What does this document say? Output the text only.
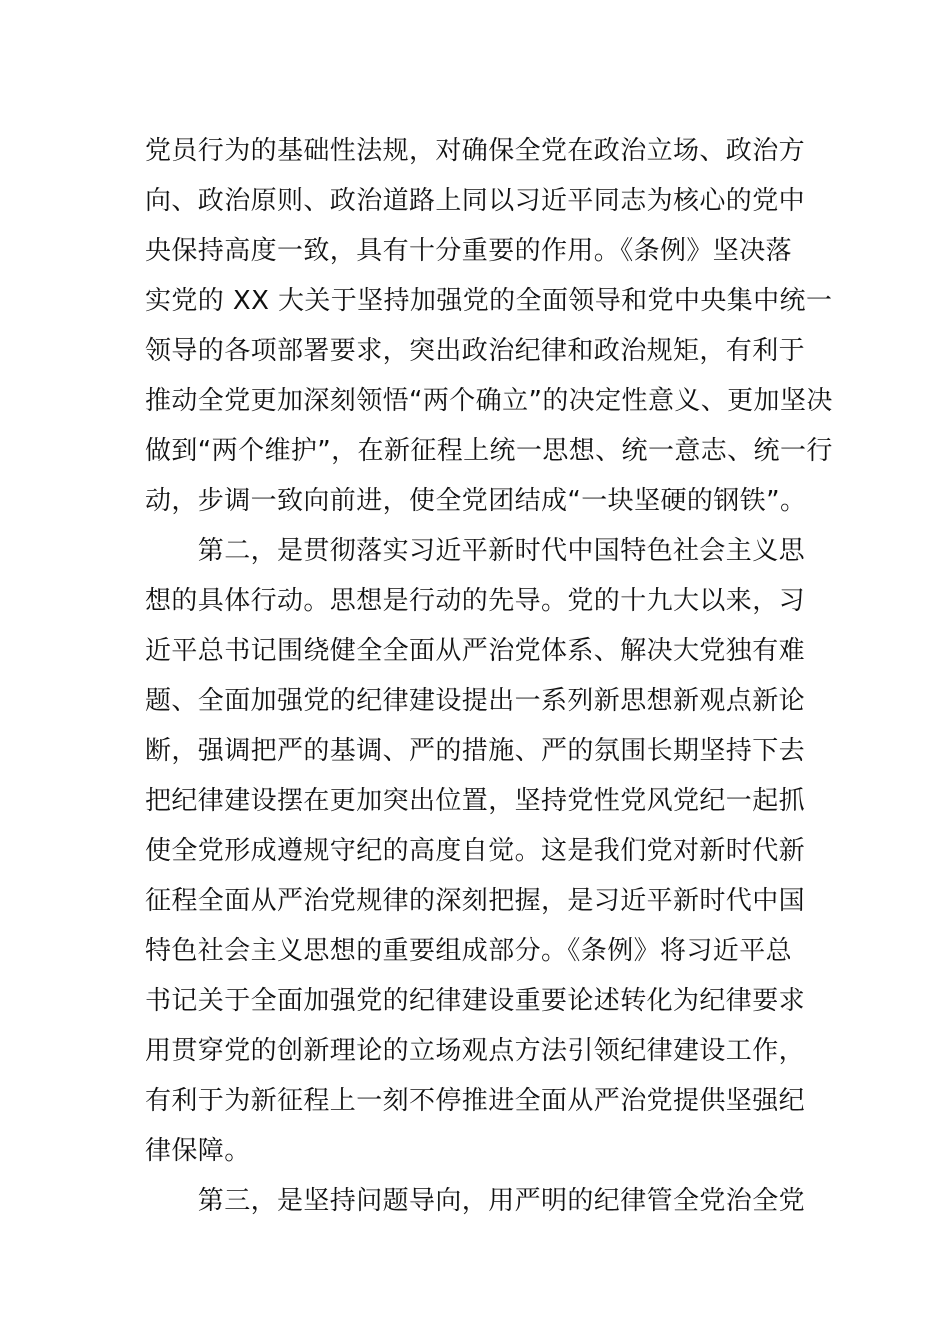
党员行为的基础性法规，对确保全党在政治立场、政治方
向、政治原则、政治道路上同以习近平同志为核心的党中
央保持高度一致，具有十分重要的作用。《条例》坚决落
实党的 XX 大关于坚持加强党的全面领导和党中央集中统一
领导的各项部署要求，突出政治纪律和政治规矩，有利于
推动全党更加深刻领悟“两个确立”的决定性意义、更加坚决
做到“两个维护”，在新征程上统一思想、统一意志、统一行
动，步调一致向前进，使全党团结成“一块坚硬的钢铁”。

　　第二，是贯彻落实习近平新时代中国特色社会主义思
想的具体行动。思想是行动的先导。党的十九大以来，习
近平总书记围绕健全全面从严治党体系、解决大党独有难
题、全面加强党的纪律建设提出一系列新思想新观点新论
断，强调把严的基调、严的措施、严的氛围长期坚持下去
把纪律建设摆在更加突出位置，坚持党性党风党纪一起抓
使全党形成遵规守纪的高度自觉。这是我们党对新时代新
征程全面从严治党规律的深刻把握，是习近平新时代中国
特色社会主义思想的重要组成部分。《条例》将习近平总
书记关于全面加强党的纪律建设重要论述转化为纪律要求
用贯穿党的创新理论的立场观点方法引领纪律建设工作，
有利于为新征程上一刻不停推进全面从严治党提供坚强纪
律保障。

　　第三，是坚持问题导向，用严明的纪律管全党治全党
